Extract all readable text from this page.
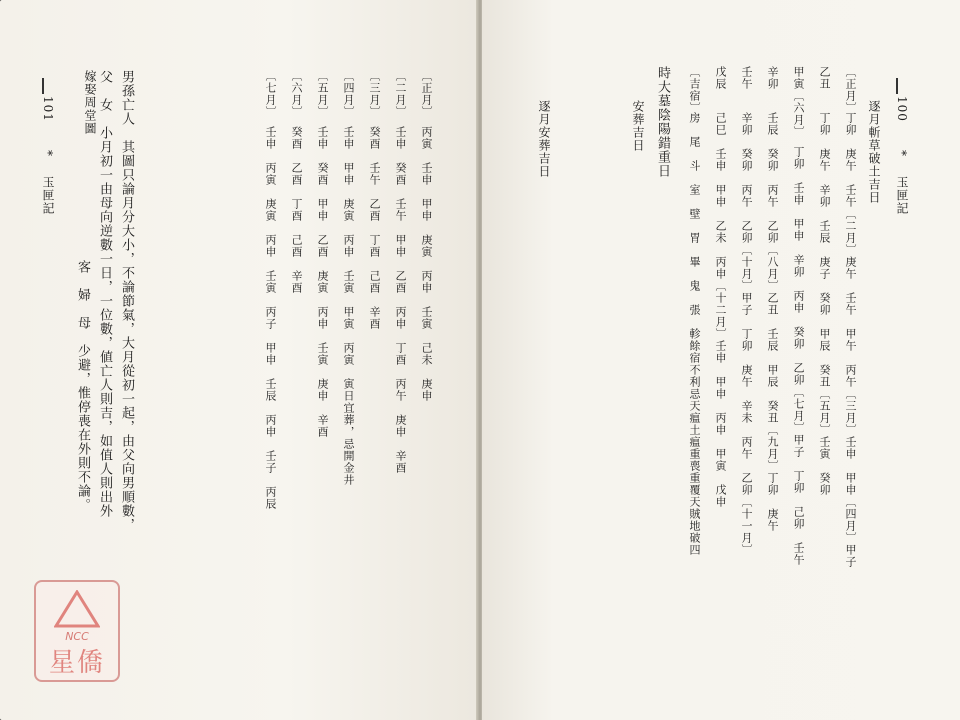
101
*
玉匣記
嫁娶周堂圖 男孫亡人　其圖只論月分大小，不論節氣，大月從初一起，由父向男順數，
父　女　小月初一由母向逆數一日，一位數，値亡人則吉，如值人則出外
客　婦　母　少避，惟停喪在外則不論。
〔正月〕
丙寅　壬申　甲申　庚寅　丙申　壬寅　己未　庚申
〔二月〕
壬申　癸酉　壬午　甲申　乙酉　丙申　丁酉　丙午　庚申　辛酉
〔三月〕
癸酉　壬午　乙酉　丁酉　己酉　辛酉
〔四月〕
壬申　甲申　庚寅　丙申　壬寅　甲寅　丙寅　寅日宜葬，忌開金井
〔五月〕
壬申　癸酉　甲申　乙酉　庚寅　丙申　壬寅　庚申　辛酉
〔六月〕
癸酉　乙酉　丁酉　己酉　辛酉
〔七月〕
壬申　丙寅　庚寅　丙申　壬寅　丙子　甲申　壬辰　丙申　壬子　丙辰
NCC
星僑
100
*
玉匣記
逐月斬草破土吉日
〔正月〕
丁卯　庚午　壬午〔二月〕庚午　壬午　甲午　丙午〔三月〕壬申　甲申〔四月〕甲子
乙丑
丁卯　庚午　辛卯　壬辰　庚子　癸卯　甲辰　癸丑〔五月〕壬寅　癸卯
甲寅〔六月〕
丁卯　壬申　甲申　辛卯　丙申　癸卯　乙卯〔七月〕甲子　丁卯　己卯　壬午
辛卯
壬辰　癸卯　丙午　乙卯〔八月〕乙丑　壬辰　甲辰　癸丑〔九月〕丁卯　庚午
壬午
辛卯　癸卯　丙午　乙卯〔十月〕甲子　丁卯　庚午　辛未　丙午　乙卯〔十一月〕
戊辰
己巳　壬申　甲申　乙未　丙申〔十二月〕壬申　甲申　丙申　甲寅　戊申
〔吉宿〕
房　尾　斗　室　壁　胃　畢　鬼　張　軫餘宿不利忌天瘟土瘟重喪重覆天賊地破四
時大墓陰陽錯重日
安葬吉日
逐月安葬吉日
